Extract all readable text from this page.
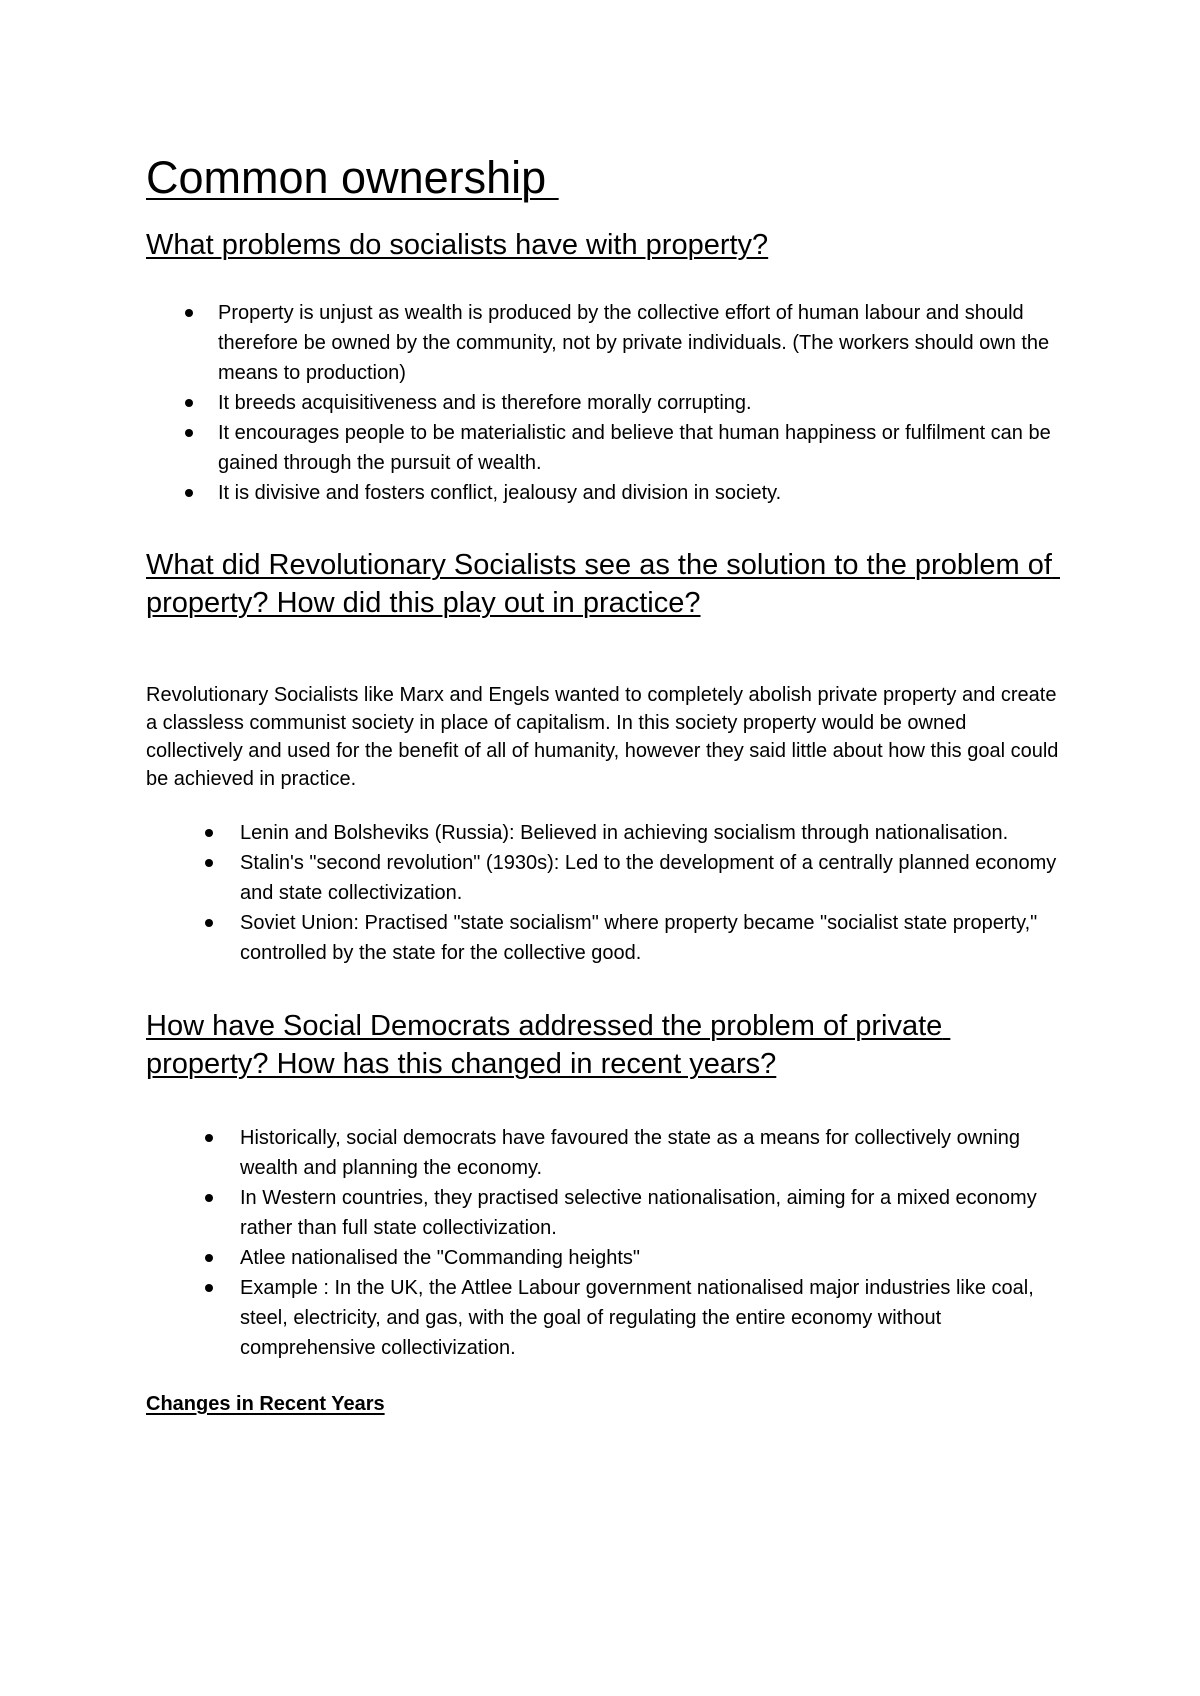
Common ownership
What problems do socialists have with property?
Property is unjust as wealth is produced by the collective effort of human labour and should therefore be owned by the community, not by private individuals. (The workers should own the means to production)
It breeds acquisitiveness and is therefore morally corrupting.
It encourages people to be materialistic and believe that human happiness or fulfilment can be gained through the pursuit of wealth.
It is divisive and fosters conflict, jealousy and division in society.
What did Revolutionary Socialists see as the solution to the problem of property? How did this play out in practice?

Revolutionary Socialists like Marx and Engels wanted to completely abolish private property and create a classless communist society in place of capitalism. In this society property would be owned collectively and used for the benefit of all of humanity, however they said little about how this goal could be achieved in practice.

Lenin and Bolsheviks (Russia): Believed in achieving socialism through nationalisation.
Stalin's "second revolution" (1930s): Led to the development of a centrally planned economy and state collectivization.
Soviet Union: Practised "state socialism" where property became "socialist state property," controlled by the state for the collective good.
How have Social Democrats addressed the problem of private property? How has this changed in recent years?
Historically, social democrats have favoured the state as a means for collectively owning wealth and planning the economy.
In Western countries, they practised selective nationalisation, aiming for a mixed economy rather than full state collectivization.
Atlee nationalised the "Commanding heights"
Example : In the UK, the Attlee Labour government nationalised major industries like coal, steel, electricity, and gas, with the goal of regulating the entire economy without comprehensive collectivization.
Changes in Recent Years
